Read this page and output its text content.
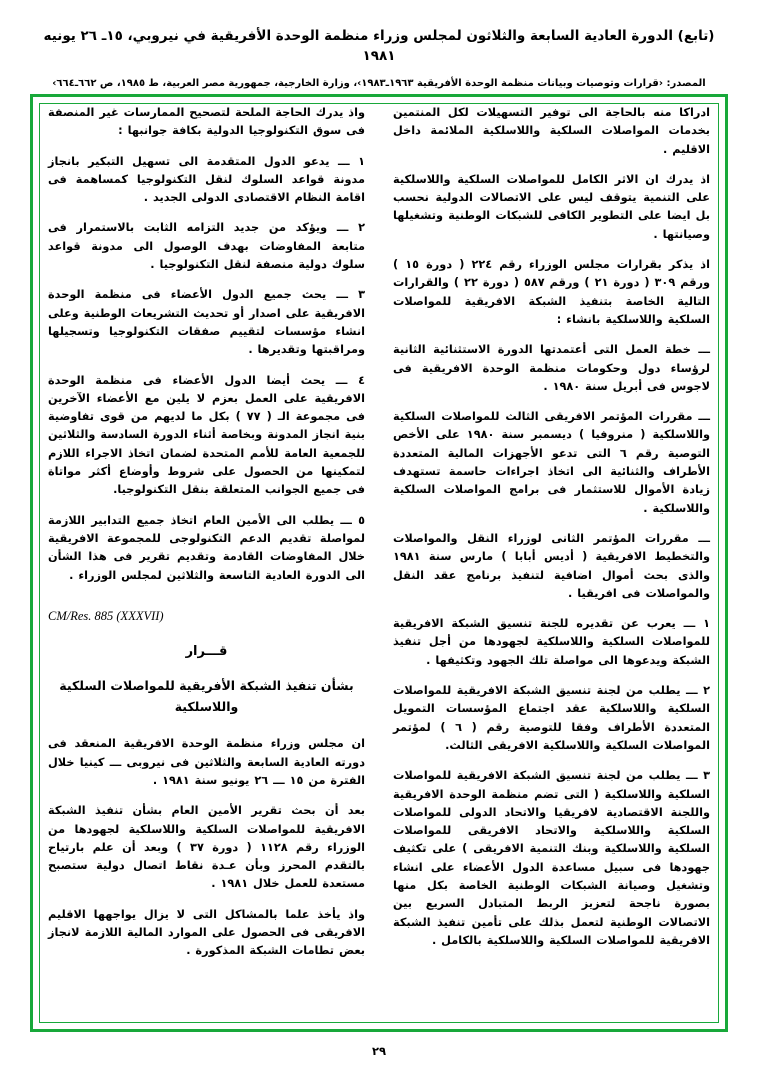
(تابع) الدورة العادية السابعة والثلاثون لمجلس وزراء منظمة الوحدة الأفريقية في نيروبي، ١٥ـ ٢٦ يونيه ١٩٨١
المصدر: ‹قرارات وتوصيات وبيانات منظمة الوحدة الأفريقية ١٩٦٣ـ١٩٨٣›، وزارة الخارجية، جمهورية مصر العربية، ط ١٩٨٥، ص ٦٦٢ـ٦٦٤›

ادراكا منه بالحاجة الى توفير التسهيلات لكل المنتمين بخدمات المواصلات السلكية واللاسلكية الملائمة داخل الاقليم .

اذ يدرك ان الاثر الكامل للمواصلات السلكية واللاسلكية على التنمية يتوقف ليس على الاتصالات الدولية نحسب بل ايضا على التطوير الكافى للشبكات الوطنية وتشغيلها وصيانتها .

اذ يذكر بقرارات مجلس الوزراء رقم ٢٢٤ ( دورة ١٥ ) ورقم ٣٠٩ ( دورة ٢١ ) ورقم ٥٨٧ ( دورة ٢٢ ) والقرارات التالية الخاصة بتنفيذ الشبكة الافريقية للمواصلات السلكية واللاسلكية بانشاء :

ـــ خطة العمل التى أعتمدتها الدورة الاستثنائية الثانية لرؤساء دول وحكومات منظمة الوحدة الافريقية فى لاجوس فى أبريل سنة ١٩٨٠ .

ـــ مقررات المؤتمر الافريقى الثالث للمواصلات السلكية واللاسلكية ( منروفيا ) ديسمبر سنة ١٩٨٠ على الأخص التوصية رقم ٦ التى تدعو الأجهزات المالية المتعددة الأطراف والثنائية الى اتخاذ اجراءات حاسمة تستهدف زيادة الأموال للاستثمار فى برامج المواصلات السلكية واللاسلكية .

ـــ مقررات المؤتمر الثانى لوزراء النقل والمواصلات والتخطيط الافريقية ( أديس أبابا ) مارس سنة ١٩٨١ والذى بحث أموال اضافية لتنفيذ برنامج عقد النقل والمواصلات فى افريقيا .

١ ـــ يعرب عن تقديره للجنة تنسيق الشبكة الافريقية للمواصلات السلكية واللاسلكية لجهودها من أجل تنفيذ الشبكة ويدعوها الى مواصلة تلك الجهود وتكثيفها .

٢ ـــ يطلب من لجنة تنسيق الشبكة الافريقية للمواصلات السلكية واللاسلكية عقد اجتماع المؤسسات التمويل المتعددة الأطراف وفقا للتوصية رقم ( ٦ ) لمؤتمر المواصلات السلكية واللاسلكية الافريقى الثالث.

٣ ـــ يطلب من لجنة تنسيق الشبكة الافريقية للمواصلات السلكية واللاسلكية ( التى تضم منظمة الوحدة الافريقية واللجنة الاقتصادية لافريقيا والاتحاد الدولى للمواصلات السلكية واللاسلكية والاتحاد الافريقى للمواصلات السلكية واللاسلكية وبنك التنمية الافريقى ) على تكثيف جهودها فى سبيل مساعدة الدول الأعضاء على انشاء وتشغيل وصيانة الشبكات الوطنية الخاصة بكل منها بصورة ناجحة لتعزيز الربط المتبادل السريع بين الاتصالات الوطنية لتعمل بذلك على تأمين تنفيذ الشبكة الافريقية للمواصلات السلكية واللاسلكية بالكامل .

واذ يدرك الحاجة الملحة لتصحيح الممارسات غير المنصفة فى سوق التكنولوجيا الدولية بكافة جوانبها :

١ ـــ يدعو الدول المتقدمة الى تسهيل التبكير بانجاز مدونة قواعد السلوك لنقل التكنولوجيا كمساهمة فى اقامة النظام الاقتصادى الدولى الجديد .

٢ ـــ ويؤكد من جديد التزامه الثابت بالاستمرار فى متابعة المفاوضات بهدف الوصول الى مدونة قواعد سلوك دولية منصفة لنقل التكنولوجيا .

٣ ـــ يحث جميع الدول الأعضاء فى منظمة الوحدة الافريقية على اصدار أو تحديث التشريعات الوطنية وعلى انشاء مؤسسات لتقييم صفقات التكنولوجيا وتسجيلها ومراقبتها وتقديرها .

٤ ـــ يحث أيضا الدول الأعضاء فى منظمة الوحدة الافريقية على العمل بعزم لا يلين مع الأعضاء الآخرين فى مجموعة الـ ( ٧٧ ) بكل ما لديهم من قوى تفاوضية بنية انجاز المدونة وبخاصة أثناء الدورة السادسة والثلاثين للجمعية العامة للأمم المتحدة لضمان اتخاذ الاجراء اللازم لتمكينها من الحصول على شروط وأوضاع أكثر مواتاة فى جميع الجوانب المتعلقة بنقل التكنولوجيا.

٥ ـــ يطلب الى الأمين العام اتخاذ جميع التدابير اللازمة لمواصلة تقديم الدعم التكنولوجى للمجموعة الافريقية خلال المفاوضات القادمة وتقديم تقرير فى هذا الشأن الى الدورة العادية التاسعة والثلاثين لمجلس الوزراء .

CM/Res. 885 (XXXVII)
قـــرار
بشأن تنفيذ الشبكة الأفريقية للمواصلات السلكية واللاسلكية

ان مجلس وزراء منظمة الوحدة الافريقية المنعقد فى دورته العادية السابعة والثلاثين فى نيروبى ـــ كينيا خلال الفترة من ١٥ ـــ ٢٦ يونيو سنة ١٩٨١ .

بعد أن بحث تقرير الأمين العام بشأن تنفيذ الشبكة الافريقية للمواصلات السلكية واللاسلكية لجهودها من الوزراء رقم ١١٢٨ ( دورة ٣٧ ) وبعد أن علم بارتياح بالتقدم المحرز وبأن عـدة نقاط اتصال دولية ستصبح مستعدة للعمل خلال ١٩٨١ .

واذ يأخذ علما بالمشاكل التى لا يزال يواجهها الاقليم الافريقى فى الحصول على الموارد المالية اللازمة لانجاز بعض تطامات الشبكة المذكورة .

٢٩
